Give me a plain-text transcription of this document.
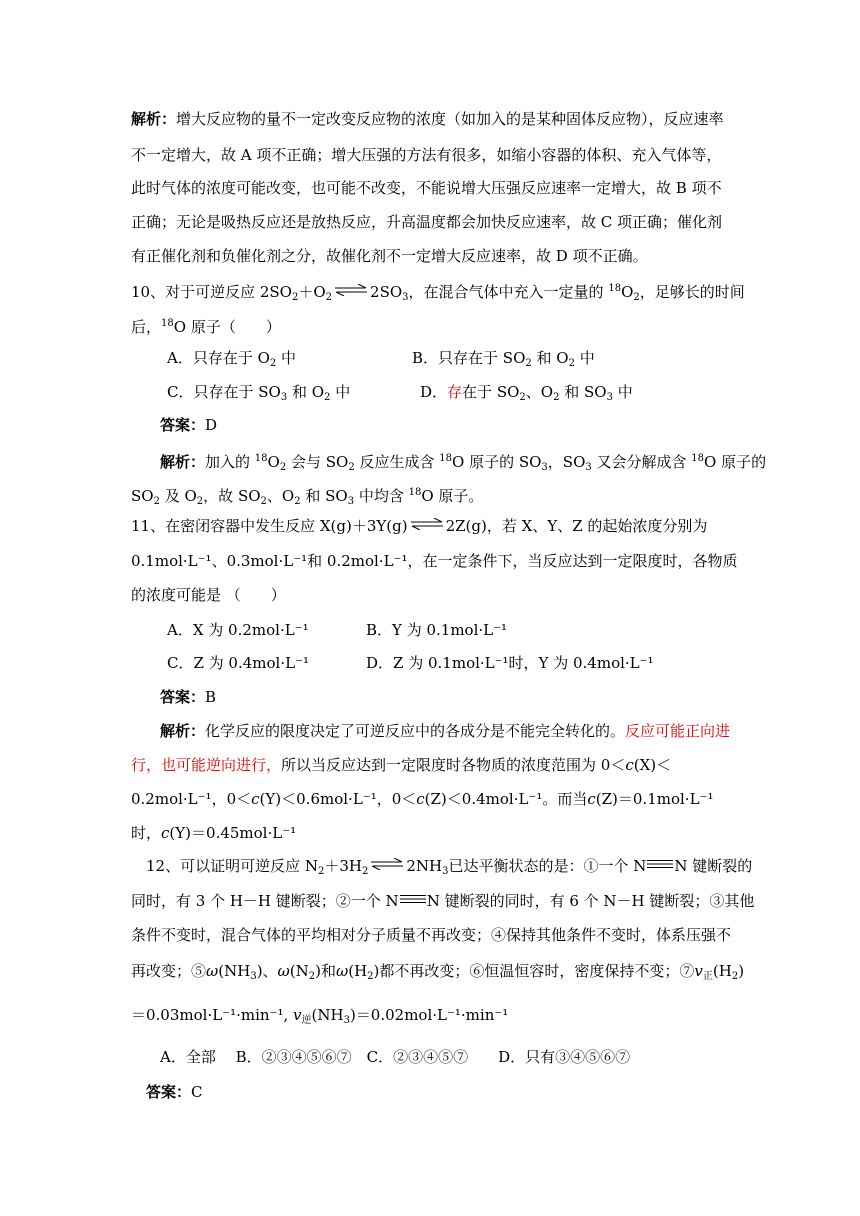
解析：增大反应物的量不一定改变反应物的浓度（如加入的是某种固体反应物），反应速率
不一定增大，故 A 项不正确；增大压强的方法有很多，如缩小容器的体积、充入气体等，
此时气体的浓度可能改变，也可能不改变，不能说增大压强反应速率一定增大，故 B 项不
正确；无论是吸热反应还是放热反应，升高温度都会加快反应速率，故 C 项正确；催化剂
有正催化剂和负催化剂之分，故催化剂不一定增大反应速率，故 D 项不正确。
10、对于可逆反应 $2SO_2+O_2$ ⇌ $2SO_3$，在混合气体中充入一定量的 $^{18}O_2$，足够长的时间
后，$^{18}$O 原子（　　）
A．只存在于 $O_2$ 中	B．只存在于 $SO_2$ 和 $O_2$ 中
C．只存在于 $SO_3$ 和 $O_2$ 中	D．存在于 $SO_2$、$O_2$ 和 $SO_3$ 中
答案：D
解析：加入的 $^{18}O_2$ 会与 $SO_2$ 反应生成含 $^{18}$O 原子的 $SO_3$，$SO_3$ 又会分解成含 $^{18}$O 原子的
$SO_2$ 及 $O_2$，故 $SO_2$、$O_2$ 和 $SO_3$ 中均含 $^{18}$O 原子。
11、在密闭容器中发生反应 X(g)＋3Y(g) ⇌ 2Z(g)，若 X、Y、Z 的起始浓度分别为
0.1mol·L⁻¹、0.3mol·L⁻¹和 0.2mol·L⁻¹，在一定条件下，当反应达到一定限度时，各物质
的浓度可能是 （　　）
A．X 为 0.2mol·L⁻¹	B．Y 为 0.1mol·L⁻¹
C．Z 为 0.4mol·L⁻¹	D．Z 为 0.1mol·L⁻¹时，Y 为 0.4mol·L⁻¹
答案：B
解析：化学反应的限度决定了可逆反应中的各成分是不能完全转化的。反应可能正向进
行，也可能逆向进行，所以当反应达到一定限度时各物质的浓度范围为 0＜c(X)＜
0.2mol·L⁻¹，0＜c(Y)＜0.6mol·L⁻¹，0＜c(Z)＜0.4mol·L⁻¹。而当c(Z)＝0.1mol·L⁻¹
时，c(Y)＝0.45mol·L⁻¹
12、可以证明可逆反应 $N_2+3H_2$ ⇌ $2NH_3$已达平衡状态的是：①一个 N N 键断裂的
同时，有 3 个 H－H 键断裂；②一个 N N 键断裂的同时，有 6 个 N－H 键断裂；③其他
条件不变时，混合气体的平均相对分子质量不再改变；④保持其他条件不变时，体系压强不
再改变；$⑤\omega(NH_3)$、$\omega(N_2)$和$\omega(H_2)$都不再改变；⑥恒温恒容时，密度保持不变；$⑦v_正(H_2)$
＝0.03mol·L⁻¹·min⁻¹, $v_逆(NH_3)=0.02mol\cdot L^{-1}\cdot\min^{-1}$
A．全部　 B．②③④⑤⑥⑦　C．②③④⑤⑦　　D．只有③④⑤⑥⑦
答案：C
